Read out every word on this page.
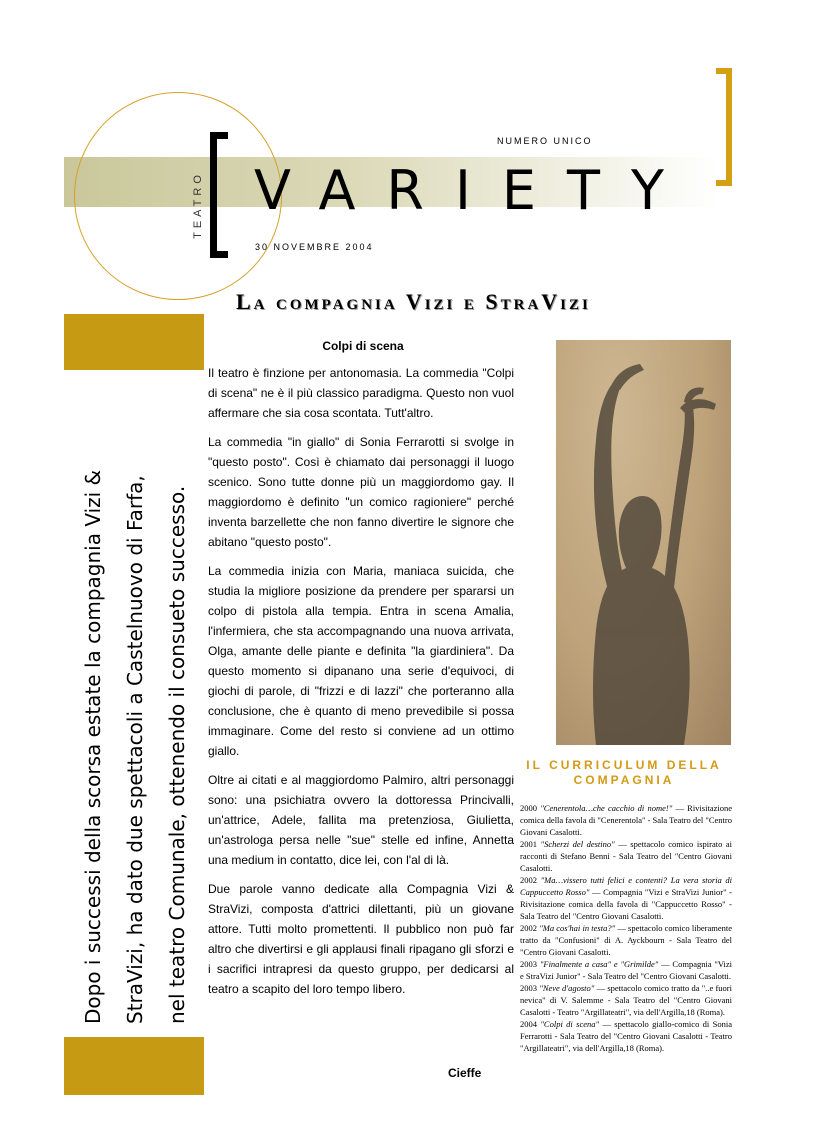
TEATRO
NUMERO UNICO
VARIETY
30 NOVEMBRE 2004
La compagnia Vizi e StraVizi
Dopo i successi della scorsa estate la compagnia Vizi & StraVizi, ha dato due spettacoli a Castelnuovo di Farfa, nel teatro Comunale, ottenendo il consueto successo.
Colpi di scena

Il teatro è finzione per antonomasia. La commedia "Colpi di scena" ne è il più classico paradigma. Questo non vuol affermare che sia cosa scontata. Tutt'altro.

La commedia "in giallo" di Sonia Ferrarotti si svolge in "questo posto". Così è chiamato dai personaggi il luogo scenico. Sono tutte donne più un maggiordomo gay. Il maggiordomo è definito "un comico ragioniere" perché inventa barzellette che non fanno divertire le signore che abitano "questo posto".

La commedia inizia con Maria, maniaca suicida, che studia la migliore posizione da prendere per spararsi un colpo di pistola alla tempia. Entra in scena Amalia, l'infermiera, che sta accompagnando una nuova arrivata, Olga, amante delle piante e definita "la giardiniera". Da questo momento si dipanano una serie d'equivoci, di giochi di parole, di "frizzi e di lazzi" che porteranno alla conclusione, che è quanto di meno prevedibile si possa immaginare. Come del resto si conviene ad un ottimo giallo.

Oltre ai citati e al maggiordomo Palmiro, altri personaggi sono: una psichiatra ovvero la dottoressa Princivalli, un'attrice, Adele, fallita ma pretenziosa, Giulietta, un'astrologa persa nelle "sue" stelle ed infine, Annetta una medium in contatto, dice lei, con l'al di là.

Due parole vanno dedicate alla Compagnia Vizi & StraVizi, composta d'attrici dilettanti, più un giovane attore. Tutti molto promettenti. Il pubblico non può far altro che divertirsi e gli applausi finali ripagano gli sforzi e i sacrifici intrapresi da questo gruppo, per dedicarsi al teatro a scapito del loro tempo libero.

Cieffe
IL CURRICULUM DELLA
COMPAGNIA

2000 "Cenerentola…che cacchio di nome!" — Rivisitazione comica della favola di "Cenerentola" - Sala Teatro del "Centro Giovani Casalotti.

2001 "Scherzi del destino" — spettacolo comico ispirato ai racconti di Stefano Benni - Sala Teatro del "Centro Giovani Casalotti.

2002 "Ma…vissero tutti felici e contenti? La vera storia di Cappuccetto Rosso" — Compagnia "Vizi e StraVizi Junior" - Rivisitazione comica della favola di "Cappuccetto Rosso" - Sala Teatro del "Centro Giovani Casalotti.

2002 "Ma cos'hai in testa?" — spettacolo comico liberamente tratto da "Confusioni" di A. Ayckbourn - Sala Teatro del "Centro Giovani Casalotti.

2003 "Finalmente a casa" e "Grimilde" — Compagnia "Vizi e StraVizi Junior" - Sala Teatro del "Centro Giovani Casalotti.

2003 "Neve d'agosto" — spettacolo comico tratto da "..e fuori nevica" di V. Salemme - Sala Teatro del "Centro Giovani Casalotti - Teatro "Argillateatri", via dell'Argilla,18 (Roma).

2004 "Colpi di scena" — spettacolo giallo-comico di Sonia Ferrarotti - Sala Teatro del "Centro Giovani Casalotti - Teatro "Argillateatri", via dell'Argilla,18 (Roma).
